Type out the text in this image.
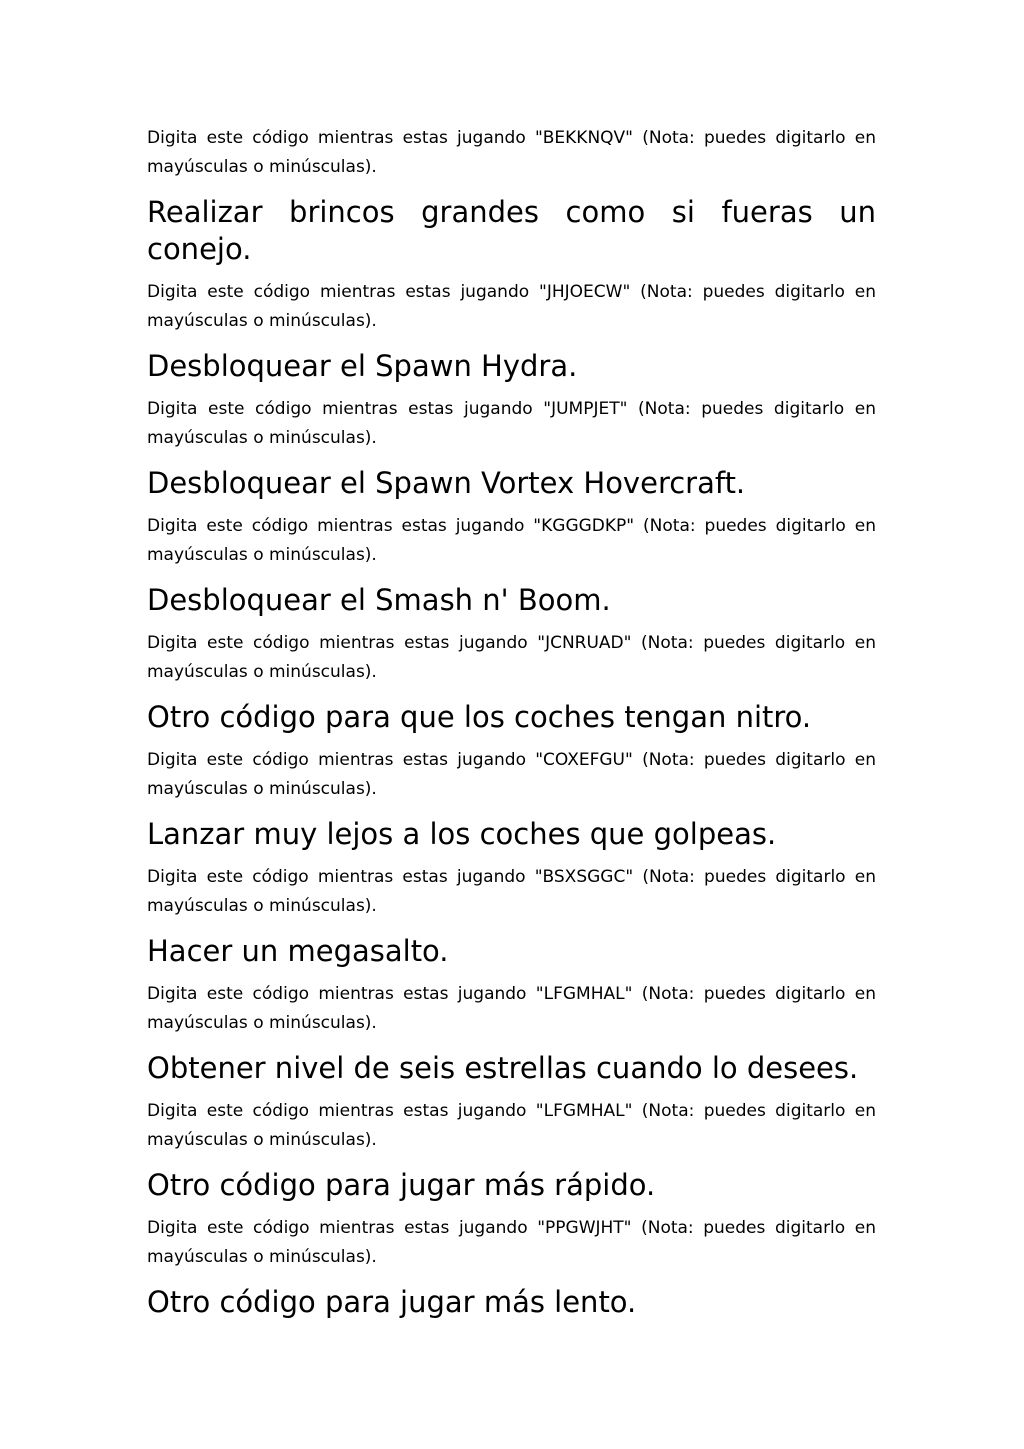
Digita este código mientras estas jugando "BEKKNQV" (Nota: puedes digitarlo en mayúsculas o minúsculas).

Realizar brincos grandes como si fueras un conejo.

Digita este código mientras estas jugando "JHJOECW" (Nota: puedes digitarlo en mayúsculas o minúsculas).

Desbloquear el Spawn Hydra.

Digita este código mientras estas jugando "JUMPJET" (Nota: puedes digitarlo en mayúsculas o minúsculas).

Desbloquear el Spawn Vortex Hovercraft.

Digita este código mientras estas jugando "KGGGDKP" (Nota: puedes digitarlo en mayúsculas o minúsculas).

Desbloquear el Smash n' Boom.

Digita este código mientras estas jugando "JCNRUAD" (Nota: puedes digitarlo en mayúsculas o minúsculas).

Otro código para que los coches tengan nitro.

Digita este código mientras estas jugando "COXEFGU" (Nota: puedes digitarlo en mayúsculas o minúsculas).

Lanzar muy lejos a los coches que golpeas.

Digita este código mientras estas jugando "BSXSGGC" (Nota: puedes digitarlo en mayúsculas o minúsculas).

Hacer un megasalto.

Digita este código mientras estas jugando "LFGMHAL" (Nota: puedes digitarlo en mayúsculas o minúsculas).

Obtener nivel de seis estrellas cuando lo desees.

Digita este código mientras estas jugando "LFGMHAL" (Nota: puedes digitarlo en mayúsculas o minúsculas).

Otro código para jugar más rápido.

Digita este código mientras estas jugando "PPGWJHT" (Nota: puedes digitarlo en mayúsculas o minúsculas).

Otro código para jugar más lento.
